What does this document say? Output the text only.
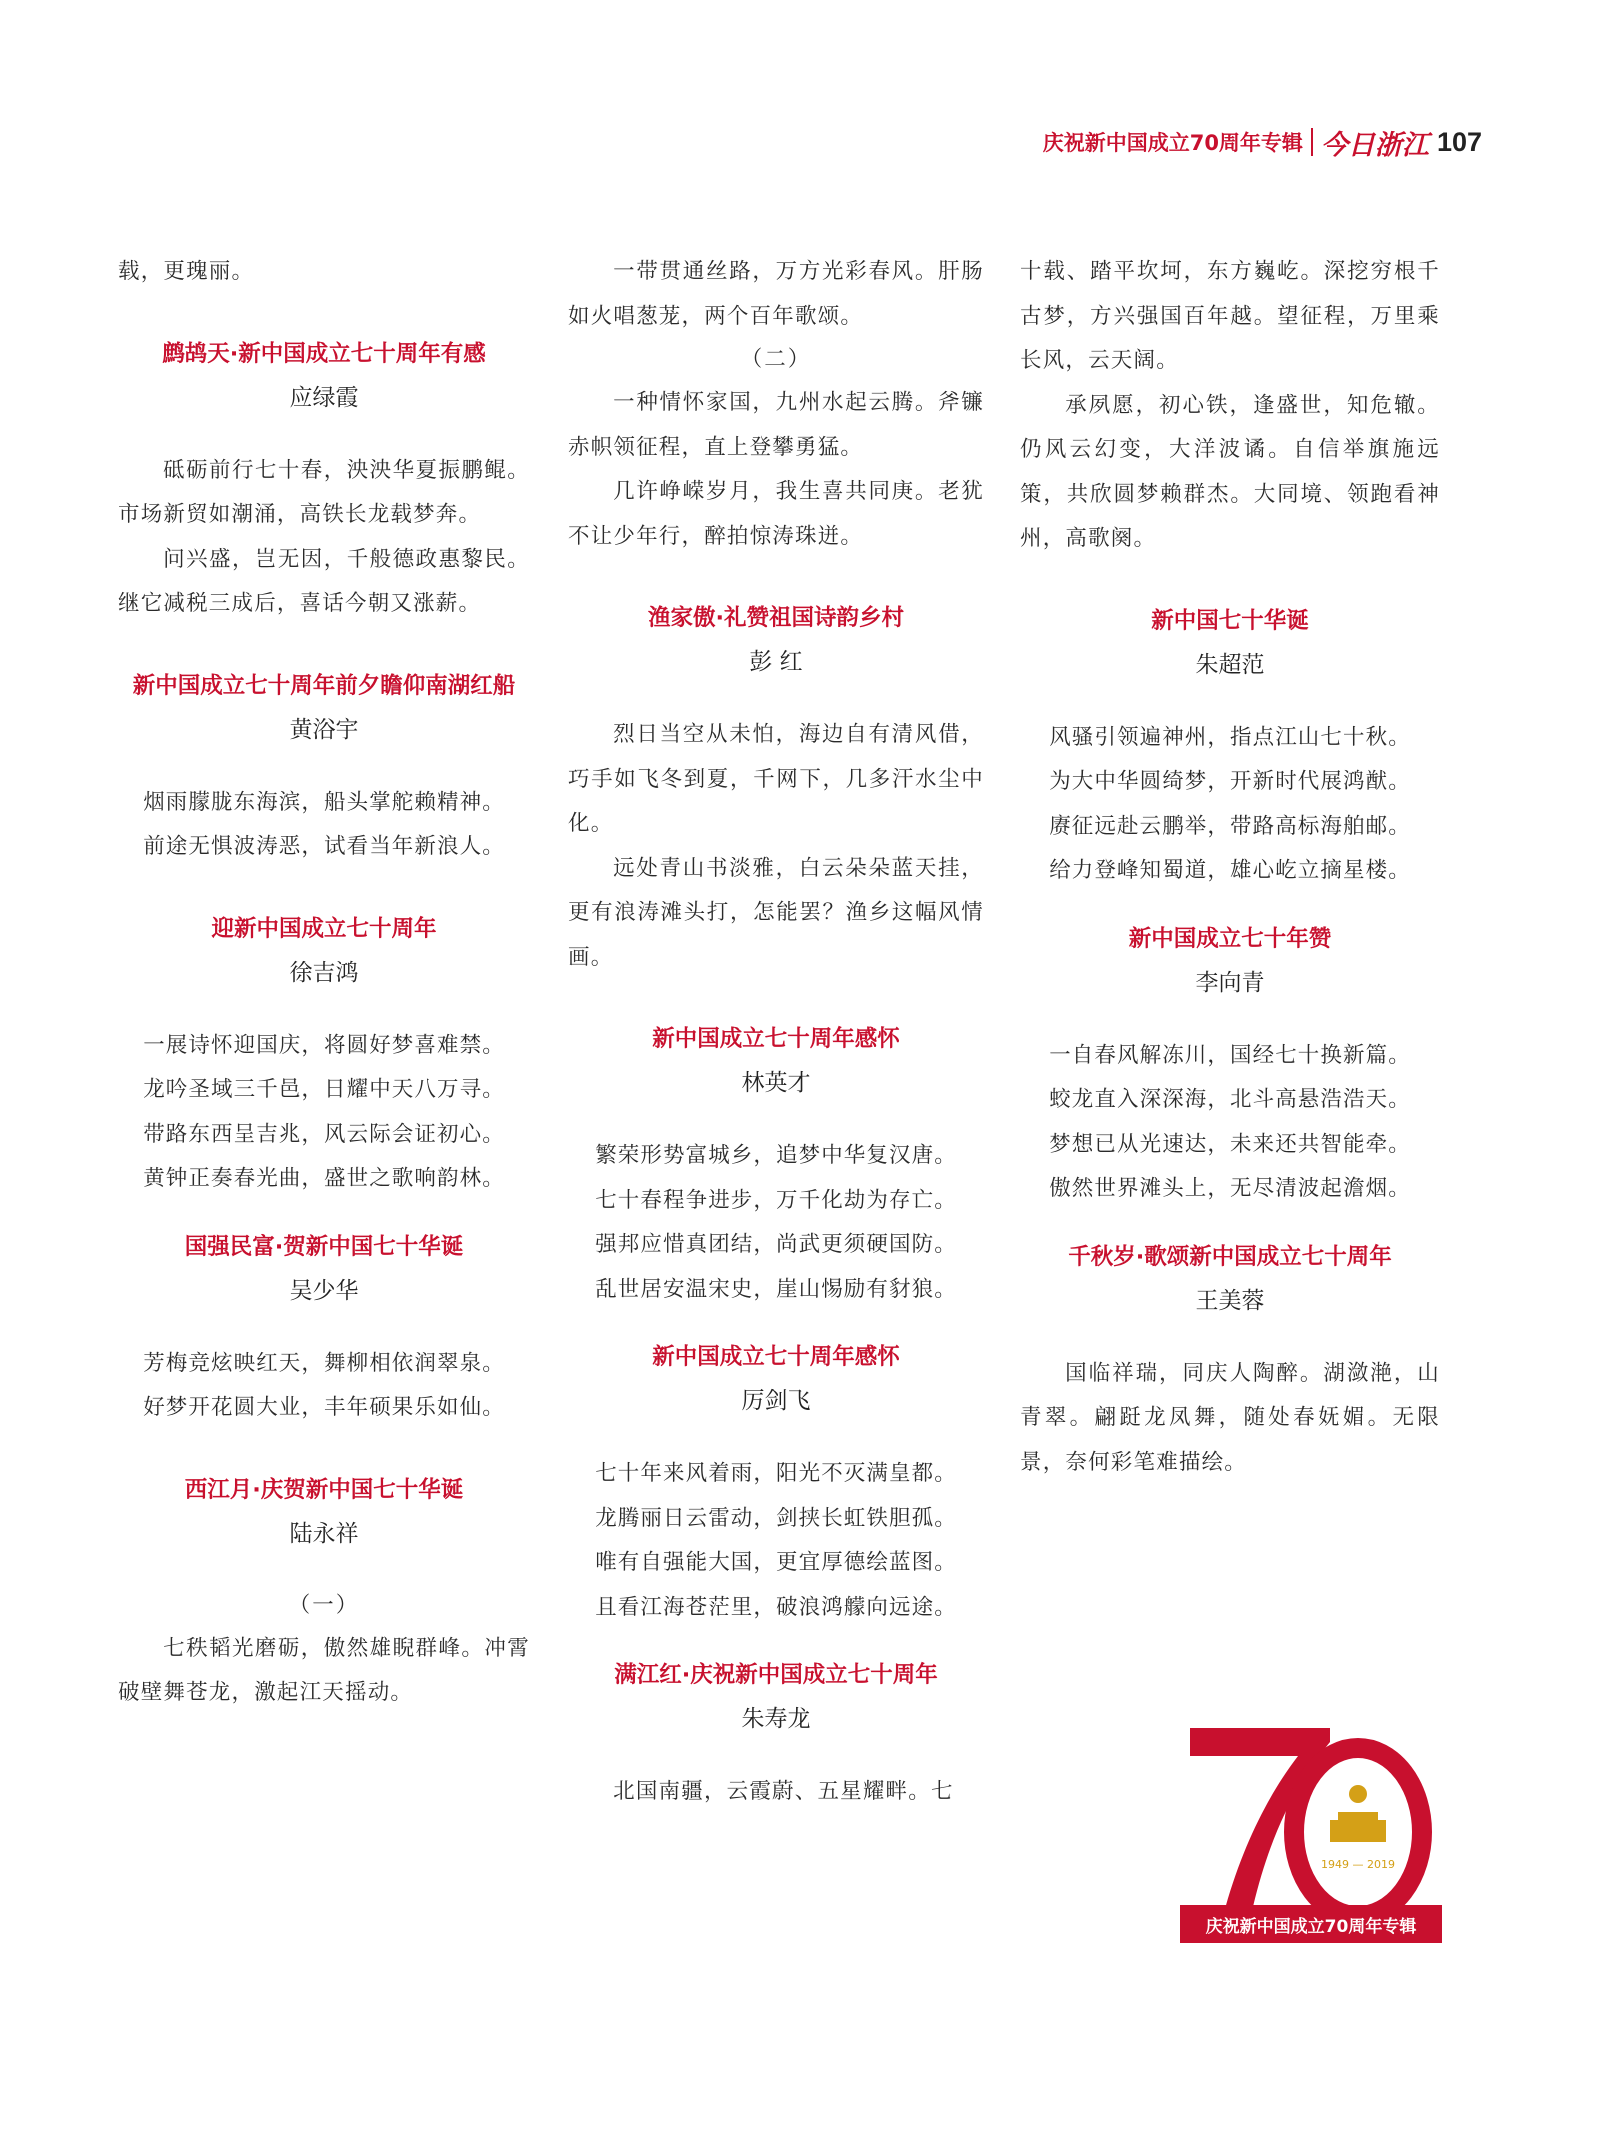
庆祝新中国成立70周年专辑 今日浙江 107

载，更瑰丽。

鹧鸪天·新中国成立七十周年有感

应绿霞

砥砺前行七十春，泱泱华夏振鹏鲲。市场新贸如潮涌，高铁长龙载梦奔。

问兴盛，岂无因，千般德政惠黎民。继它减税三成后，喜话今朝又涨薪。

新中国成立七十周年前夕瞻仰南湖红船

黄浴宇

烟雨朦胧东海滨，船头掌舵赖精神。

前途无惧波涛恶，试看当年新浪人。

迎新中国成立七十周年

徐吉鸿

一展诗怀迎国庆，将圆好梦喜难禁。

龙吟圣域三千邑，日耀中天八万寻。

带路东西呈吉兆，风云际会证初心。

黄钟正奏春光曲，盛世之歌响韵林。

国强民富·贺新中国七十华诞

吴少华

芳梅竞炫映红天，舞柳相依润翠泉。

好梦开花圆大业，丰年硕果乐如仙。

西江月·庆贺新中国七十华诞

陆永祥

（一）

七秩韬光磨砺，傲然雄睨群峰。冲霄破壁舞苍龙，激起江天摇动。

一带贯通丝路，万方光彩春风。肝肠如火唱葱茏，两个百年歌颂。

（二）

一种情怀家国，九州水起云腾。斧镰赤帜领征程，直上登攀勇猛。

几许峥嵘岁月，我生喜共同庚。老犹不让少年行，醉拍惊涛珠迸。

渔家傲·礼赞祖国诗韵乡村

彭 红

烈日当空从未怕，海边自有清风借，巧手如飞冬到夏，千网下，几多汗水尘中化。

远处青山书淡雅，白云朵朵蓝天挂，更有浪涛滩头打，怎能罢？渔乡这幅风情画。

新中国成立七十周年感怀

林英才

繁荣形势富城乡，追梦中华复汉唐。

七十春程争进步，万千化劫为存亡。

强邦应惜真团结，尚武更须硬国防。

乱世居安温宋史，崖山惕励有豺狼。

新中国成立七十周年感怀

厉剑飞

七十年来风着雨，阳光不灭满皇都。

龙腾丽日云雷动，剑挟长虹铁胆孤。

唯有自强能大国，更宜厚德绘蓝图。

且看江海苍茫里，破浪鸿艨向远途。

满江红·庆祝新中国成立七十周年

朱寿龙

北国南疆，云霞蔚、五星耀畔。七

十载、踏平坎坷，东方巍屹。深挖穷根千古梦，方兴强国百年越。望征程，万里乘长风，云天阔。

承夙愿，初心铁，逢盛世，知危辙。仍风云幻变，大洋波谲。自信举旗施远策，共欣圆梦赖群杰。大同境、领跑看神州，高歌阕。

新中国七十华诞

朱超范

风骚引领遍神州，指点江山七十秋。

为大中华圆绮梦，开新时代展鸿猷。

赓征远赴云鹏举，带路高标海舶邮。

给力登峰知蜀道，雄心屹立摘星楼。

新中国成立七十年赞

李向青

一自春风解冻川，国经七十换新篇。

蛟龙直入深深海，北斗高悬浩浩天。

梦想已从光速达，未来还共智能牵。

傲然世界滩头上，无尽清波起澹烟。

千秋岁·歌颂新中国成立七十周年

王美蓉

国临祥瑞，同庆人陶醉。湖潋滟，山青翠。翩跹龙凤舞，随处春妩媚。无限景，奈何彩笔难描绘。

1949 — 2019
庆祝新中国成立70周年专辑
